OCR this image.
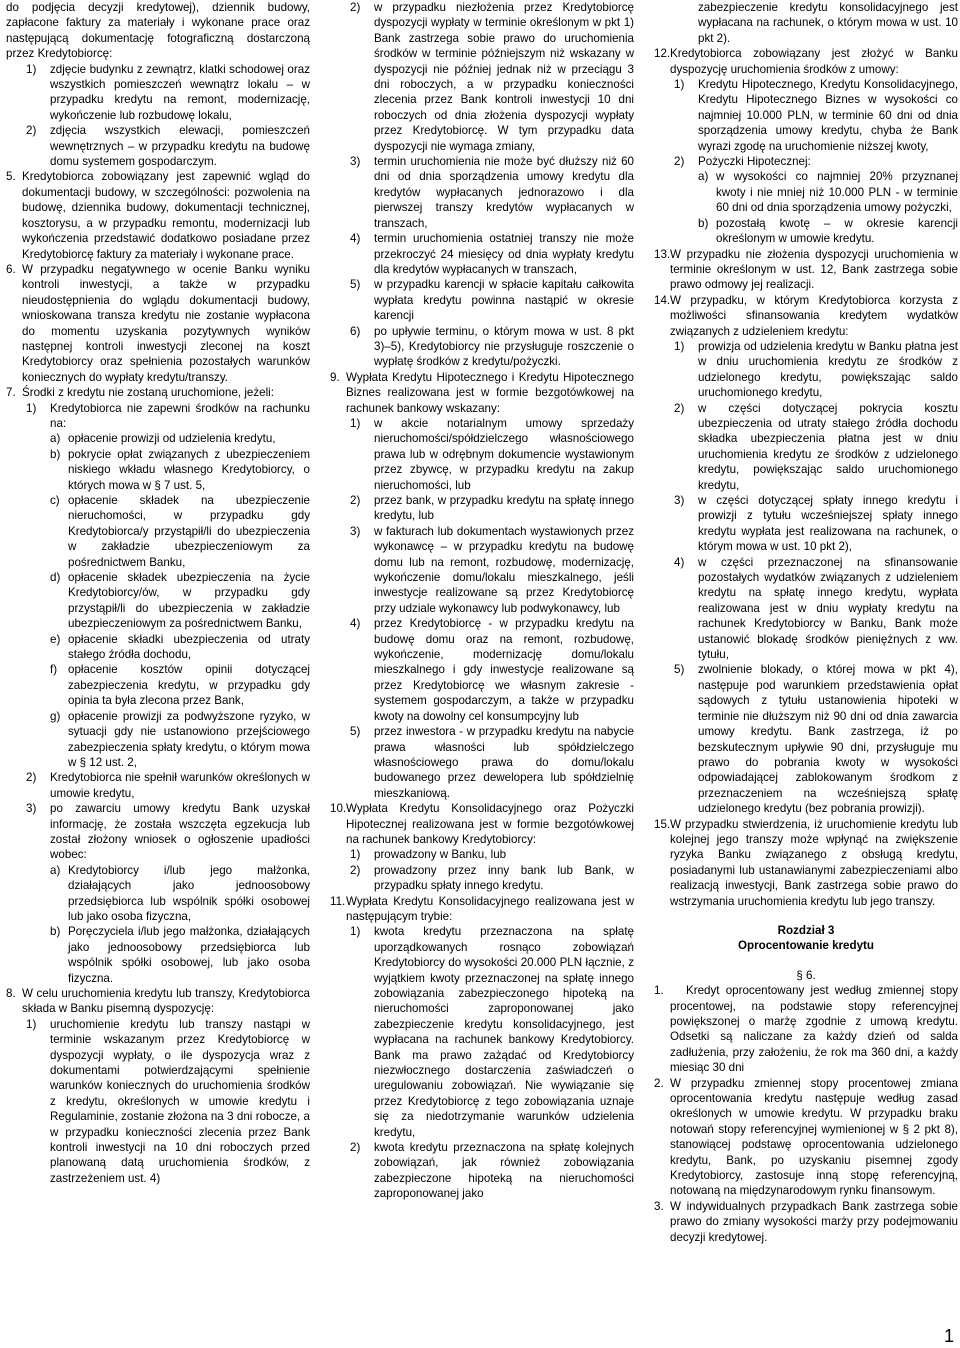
do podjęcia decyzji kredytowej), dziennik budowy, zapłacone faktury za materiały i wykonane prace oraz następującą dokumentację fotograficzną dostarczoną przez Kredytobiorcę:

1) zdjęcie budynku z zewnątrz, klatki schodowej oraz wszystkich pomieszczeń wewnątrz lokalu – w przypadku kredytu na remont, modernizację, wykończenie lub rozbudowę lokalu,

2) zdjęcia wszystkich elewacji, pomieszczeń wewnętrznych – w przypadku kredytu na budowę domu systemem gospodarczym.

5. Kredytobiorca zobowiązany jest zapewnić wgląd do dokumentacji budowy, w szczególności: pozwolenia na budowę, dziennika budowy, dokumentacji technicznej, kosztorysu, a w przypadku remontu, modernizacji lub wykończenia przedstawić dodatkowo posiadane przez Kredytobiorcę faktury za materiały i wykonane prace.

6. W przypadku negatywnego w ocenie Banku wyniku kontroli inwestycji, a także w przypadku nieudostępnienia do wglądu dokumentacji budowy, wnioskowana transza kredytu nie zostanie wypłacona do momentu uzyskania pozytywnych wyników następnej kontroli inwestycji zleconej na koszt Kredytobiorcy oraz spełnienia pozostałych warunków koniecznych do wypłaty kredytu/transzy.

7. Środki z kredytu nie zostaną uruchomione, jeżeli:

1) Kredytobiorca nie zapewni środków na rachunku na:

a) opłacenie prowizji od udzielenia kredytu,

b) pokrycie opłat związanych z ubezpieczeniem niskiego wkładu własnego Kredytobiorcy, o których mowa w § 7 ust. 5,

c) opłacenie składek na ubezpieczenie nieruchomości, w przypadku gdy Kredytobiorca/y przystąpił/li do ubezpieczenia w zakładzie ubezpieczeniowym za pośrednictwem Banku,

d) opłacenie składek ubezpieczenia na życie Kredytobiorcy/ów, w przypadku gdy przystąpił/li do ubezpieczenia w zakładzie ubezpieczeniowym za pośrednictwem Banku,

e) opłacenie składki ubezpieczenia od utraty stałego źródła dochodu,

f) opłacenie kosztów opinii dotyczącej zabezpieczenia kredytu, w przypadku gdy opinia ta była zlecona przez Bank,

g) opłacenie prowizji za podwyższone ryzyko, w sytuacji gdy nie ustanowiono przejściowego zabezpieczenia spłaty kredytu, o którym mowa w § 12 ust. 2,

2) Kredytobiorca nie spełnił warunków określonych w umowie kredytu,

3) po zawarciu umowy kredytu Bank uzyskał informację, że została wszczęta egzekucja lub został złożony wniosek o ogłoszenie upadłości wobec:

a) Kredytobiorcy i/lub jego małżonka, działających jako jednoosobowy przedsiębiorca lub wspólnik spółki osobowej lub jako osoba fizyczna,

b) Poręczyciela i/lub jego małżonka, działających jako jednoosobowy przedsiębiorca lub wspólnik spółki osobowej, lub jako osoba fizyczna.

8. W celu uruchomienia kredytu lub transzy, Kredytobiorca składa w Banku pisemną dyspozycję:

1) uruchomienie kredytu lub transzy nastąpi w terminie wskazanym przez Kredytobiorcę w dyspozycji wypłaty, o ile dyspozycja wraz z dokumentami potwierdzającymi spełnienie warunków koniecznych do uruchomienia środków z kredytu, określonych w umowie kredytu i Regulaminie, zostanie złożona na 3 dni robocze, a w przypadku konieczności zlecenia przez Bank kontroli inwestycji na 10 dni roboczych przed planowaną datą uruchomienia środków, z zastrzeżeniem ust. 4)

2) w przypadku niezłożenia przez Kredytobiorcę dyspozycji wypłaty w terminie określonym w pkt 1) Bank zastrzega sobie prawo do uruchomienia środków w terminie późniejszym niż wskazany w dyspozycji nie później jednak niż w przeciągu 3 dni roboczych, a w przypadku konieczności zlecenia przez Bank kontroli inwestycji 10 dni roboczych od dnia złożenia dyspozycji wypłaty przez Kredytobiorcę. W tym przypadku data dyspozycji nie wymaga zmiany,

3) termin uruchomienia nie może być dłuższy niż 60 dni od dnia sporządzenia umowy kredytu dla kredytów wypłacanych jednorazowo i dla pierwszej transzy kredytów wypłacanych w transzach,

4) termin uruchomienia ostatniej transzy nie może przekroczyć 24 miesięcy od dnia wypłaty kredytu dla kredytów wypłacanych w transzach,

5) w przypadku karencji w spłacie kapitału całkowita wypłata kredytu powinna nastąpić w okresie karencji

6) po upływie terminu, o którym mowa w ust. 8 pkt 3)–5), Kredytobiorcy nie przysługuje roszczenie o wypłatę środków z kredytu/pożyczki.

9. Wypłata Kredytu Hipotecznego i Kredytu Hipotecznego Biznes realizowana jest w formie bezgotówkowej na rachunek bankowy wskazany:

1) w akcie notarialnym umowy sprzedaży nieruchomości/spółdzielczego własnościowego prawa lub w odrębnym dokumencie wystawionym przez zbywcę, w przypadku kredytu na zakup nieruchomości, lub

2) przez bank, w przypadku kredytu na spłatę innego kredytu, lub

3) w fakturach lub dokumentach wystawionych przez wykonawcę – w przypadku kredytu na budowę domu lub na remont, rozbudowę, modernizację, wykończenie domu/lokalu mieszkalnego, jeśli inwestycje realizowane są przez Kredytobiorcę przy udziale wykonawcy lub podwykonawcy, lub

4) przez Kredytobiorcę - w przypadku kredytu na budowę domu oraz na remont, rozbudowę, wykończenie, modernizację domu/lokalu mieszkalnego i gdy inwestycje realizowane są przez Kredytobiorcę we własnym zakresie - systemem gospodarczym, a także w przypadku kwoty na dowolny cel konsumpcyjny lub

5) przez inwestora - w przypadku kredytu na nabycie prawa własności lub spółdzielczego własnościowego prawa do domu/lokalu budowanego przez dewelopera lub spółdzielnię mieszkaniową.

10. Wypłata Kredytu Konsolidacyjnego oraz Pożyczki Hipotecznej realizowana jest w formie bezgotówkowej na rachunek bankowy Kredytobiorcy:

1) prowadzony w Banku, lub

2) prowadzony przez inny bank lub Bank, w przypadku spłaty innego kredytu.

11. Wypłata Kredytu Konsolidacyjnego realizowana jest w następującym trybie:

1) kwota kredytu przeznaczona na spłatę uporządkowanych rosnąco zobowiązań Kredytobiorcy do wysokości 20.000 PLN łącznie, z wyjątkiem kwoty przeznaczonej na spłatę innego zobowiązania zabezpieczonego hipoteką na nieruchomości zaproponowanej jako zabezpieczenie kredytu konsolidacyjnego, jest wypłacana na rachunek bankowy Kredytobiorcy. Bank ma prawo zażądać od Kredytobiorcy niezwłocznego dostarczenia zaświadczeń o uregulowaniu zobowiązań. Nie wywiązanie się przez Kredytobiorcę z tego zobowiązania uznaje się za niedotrzymanie warunków udzielenia kredytu,

2) kwota kredytu przeznaczona na spłatę kolejnych zobowiązań, jak również zobowiązania zabezpieczone hipoteką na nieruchomości zaproponowanej jako

zabezpieczenie kredytu konsolidacyjnego jest wypłacana na rachunek, o którym mowa w ust. 10 pkt 2).

12. Kredytobiorca zobowiązany jest złożyć w Banku dyspozycję uruchomienia środków z umowy:

1) Kredytu Hipotecznego, Kredytu Konsolidacyjnego, Kredytu Hipotecznego Biznes w wysokości co najmniej 10.000 PLN, w terminie 60 dni od dnia sporządzenia umowy kredytu, chyba że Bank wyrazi zgodę na uruchomienie niższej kwoty,

2) Pożyczki Hipotecznej:

a) w wysokości co najmniej 20% przyznanej kwoty i nie mniej niż 10.000 PLN - w terminie 60 dni od dnia sporządzenia umowy pożyczki,

b) pozostałą kwotę – w okresie karencji określonym w umowie kredytu.

13. W przypadku nie złożenia dyspozycji uruchomienia w terminie określonym w ust. 12, Bank zastrzega sobie prawo odmowy jej realizacji.

14. W przypadku, w którym Kredytobiorca korzysta z możliwości sfinansowania kredytem wydatków związanych z udzieleniem kredytu:

1) prowizja od udzielenia kredytu w Banku płatna jest w dniu uruchomienia kredytu ze środków z udzielonego kredytu, powiększając saldo uruchomionego kredytu,

2) w części dotyczącej pokrycia kosztu ubezpieczenia od utraty stałego źródła dochodu składka ubezpieczenia płatna jest w dniu uruchomienia kredytu ze środków z udzielonego kredytu, powiększając saldo uruchomionego kredytu,

3) w części dotyczącej spłaty innego kredytu i prowizji z tytułu wcześniejszej spłaty innego kredytu wypłata jest realizowana na rachunek, o którym mowa w ust. 10 pkt 2),

4) w części przeznaczonej na sfinansowanie pozostałych wydatków związanych z udzieleniem kredytu na spłatę innego kredytu, wypłata realizowana jest w dniu wypłaty kredytu na rachunek Kredytobiorcy w Banku, Bank może ustanowić blokadę środków pieniężnych z ww. tytułu,

5) zwolnienie blokady, o której mowa w pkt 4), następuje pod warunkiem przedstawienia opłat sądowych z tytułu ustanowienia hipoteki w terminie nie dłuższym niż 90 dni od dnia zawarcia umowy kredytu. Bank zastrzega, iż po bezskutecznym upływie 90 dni, przysługuje mu prawo do pobrania kwoty w wysokości odpowiadającej zablokowanym środkom z przeznaczeniem na wcześniejszą spłatę udzielonego kredytu (bez pobrania prowizji).

15. W przypadku stwierdzenia, iż uruchomienie kredytu lub kolejnej jego transzy może wpłynąć na zwiększenie ryzyka Banku związanego z obsługą kredytu, posiadanymi lub ustanawianymi zabezpieczeniami albo realizacją inwestycji, Bank zastrzega sobie prawo do wstrzymania uruchomienia kredytu lub jego transzy.

Rozdział 3

Oprocentowanie kredytu

§ 6.

1. Kredyt oprocentowany jest według zmiennej stopy procentowej, na podstawie stopy referencyjnej powiększonej o marżę zgodnie z umową kredytu. Odsetki są naliczane za każdy dzień od salda zadłużenia, przy założeniu, że rok ma 360 dni, a każdy miesiąc 30 dni

2. W przypadku zmiennej stopy procentowej zmiana oprocentowania kredytu następuje według zasad określonych w umowie kredytu. W przypadku braku notowań stopy referencyjnej wymienionej w § 2 pkt 8), stanowiącej podstawę oprocentowania udzielonego kredytu, Bank, po uzyskaniu pisemnej zgody Kredytobiorcy, zastosuje inną stopę referencyjną, notowaną na międzynarodowym rynku finansowym.

3. W indywidualnych przypadkach Bank zastrzega sobie prawo do zmiany wysokości marży przy podejmowaniu decyzji kredytowej.

1
